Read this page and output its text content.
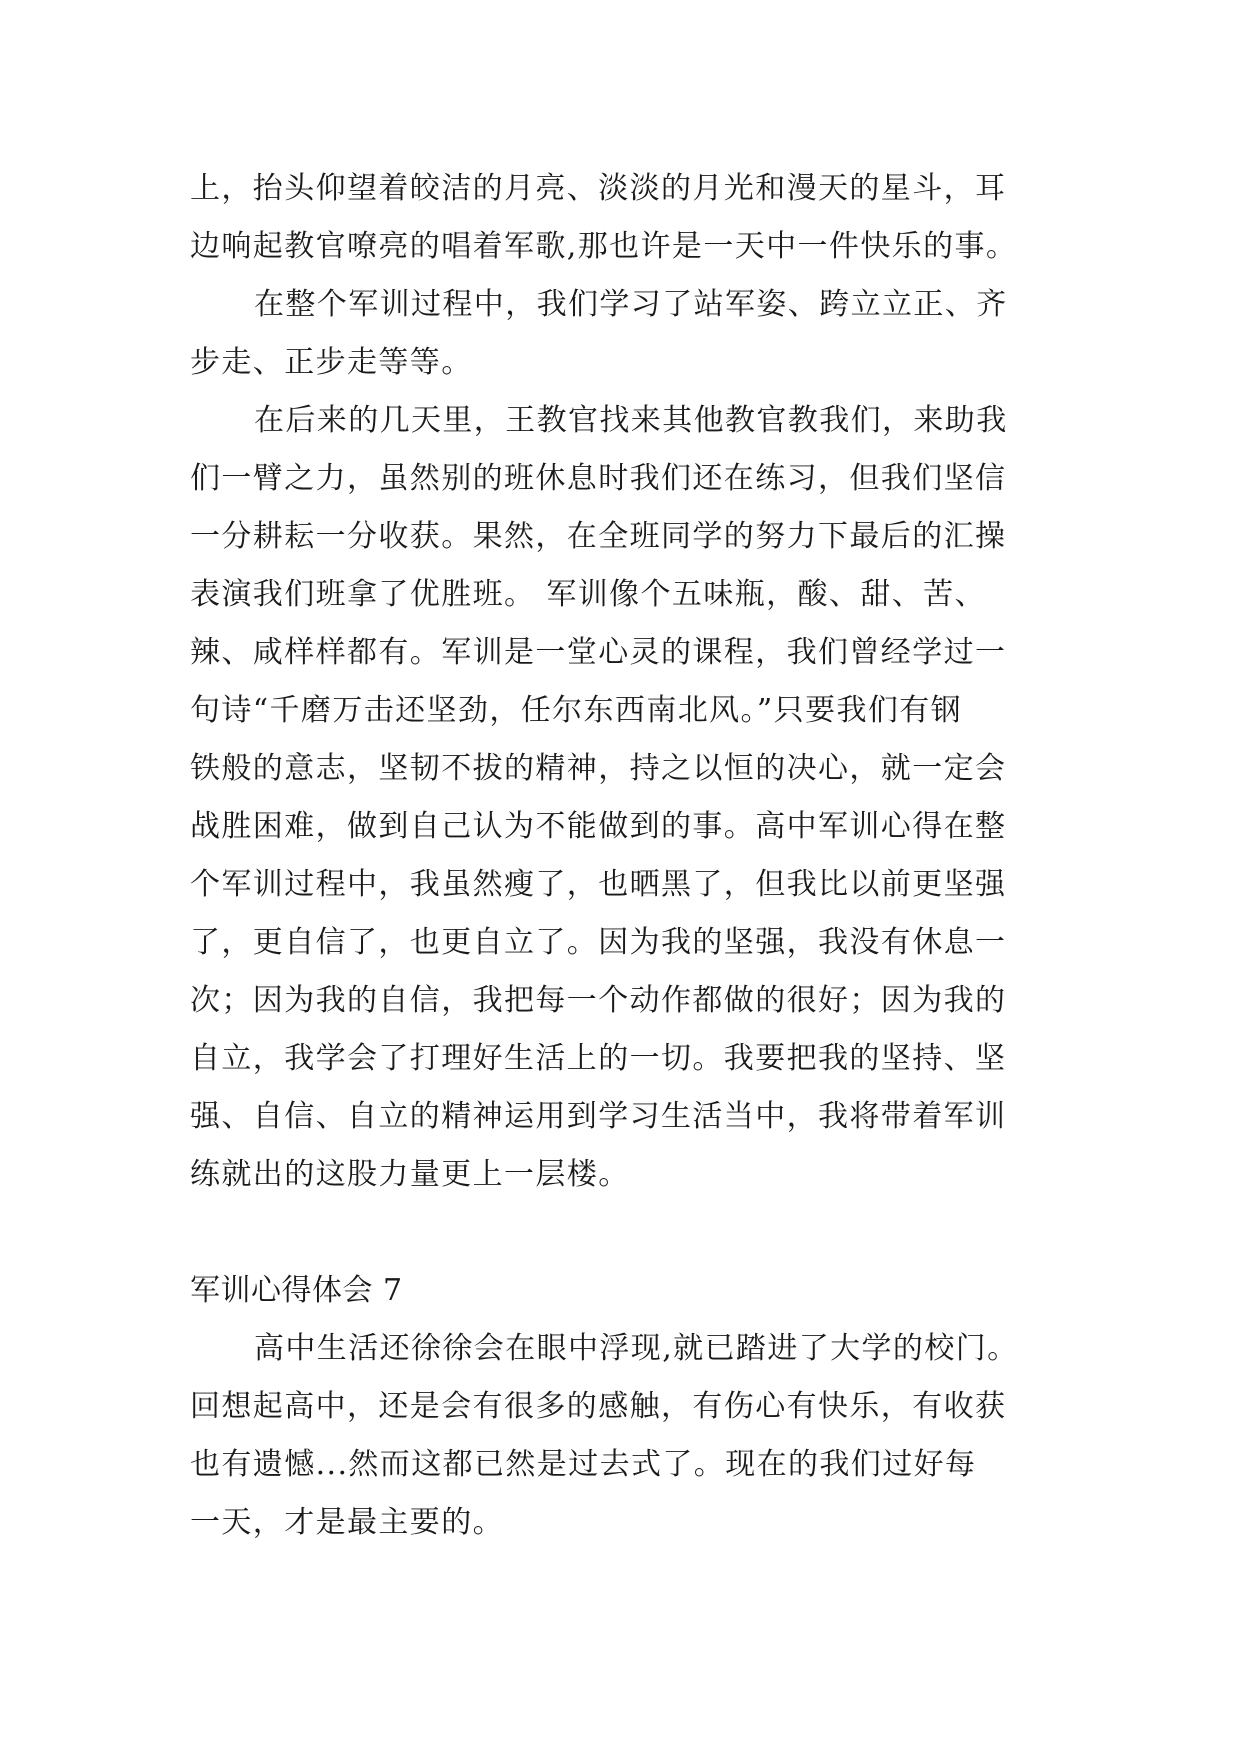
上，抬头仰望着皎洁的月亮、淡淡的月光和漫天的星斗，耳
边响起教官嘹亮的唱着军歌,那也许是一天中一件快乐的事。
在整个军训过程中，我们学习了站军姿、跨立立正、齐
步走、正步走等等。
在后来的几天里，王教官找来其他教官教我们，来助我
们一臂之力，虽然别的班休息时我们还在练习，但我们坚信
一分耕耘一分收获。果然，在全班同学的努力下最后的汇操
表演我们班拿了优胜班。 军训像个五味瓶，酸、甜、苦、
辣、咸样样都有。军训是一堂心灵的课程，我们曾经学过一
句诗“千磨万击还坚劲，任尔东西南北风。”只要我们有钢
铁般的意志，坚韧不拔的精神，持之以恒的决心，就一定会
战胜困难，做到自己认为不能做到的事。高中军训心得在整
个军训过程中，我虽然瘦了，也晒黑了，但我比以前更坚强
了，更自信了，也更自立了。因为我的坚强，我没有休息一
次；因为我的自信，我把每一个动作都做的很好；因为我的
自立，我学会了打理好生活上的一切。我要把我的坚持、坚
强、自信、自立的精神运用到学习生活当中，我将带着军训
练就出的这股力量更上一层楼。
军训心得体会 7
高中生活还徐徐会在眼中浮现,就已踏进了大学的校门。
回想起高中，还是会有很多的感触，有伤心有快乐，有收获
也有遗憾...然而这都已然是过去式了。现在的我们过好每
一天，才是最主要的。
